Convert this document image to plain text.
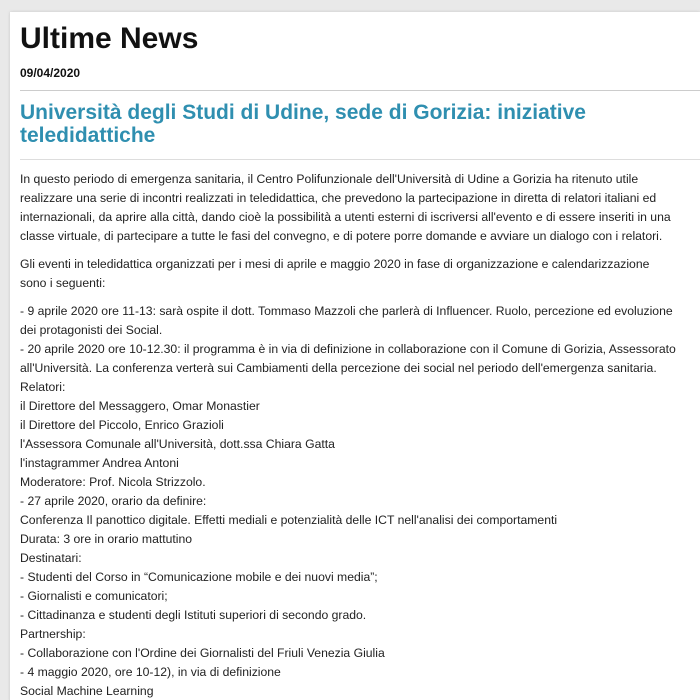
Ultime News
09/04/2020
Università degli Studi di Udine, sede di Gorizia: iniziative
teledidattiche

In questo periodo di emergenza sanitaria, il Centro Polifunzionale dell'Università di Udine a Gorizia ha ritenuto utile
realizzare una serie di incontri realizzati in teledidattica, che prevedono la partecipazione in diretta di relatori italiani ed
internazionali, da aprire alla città, dando cioè la possibilità a utenti esterni di iscriversi all'evento e di essere inseriti in una
classe virtuale, di partecipare a tutte le fasi del convegno, e di potere porre domande e avviare un dialogo con i relatori.

Gli eventi in teledidattica organizzati per i mesi di aprile e maggio 2020 in fase di organizzazione e calendarizzazione
sono i seguenti:

- 9 aprile 2020 ore 11-13: sarà ospite il dott. Tommaso Mazzoli che parlerà di Influencer. Ruolo, percezione ed evoluzione
dei protagonisti dei Social.
- 20 aprile 2020 ore 10-12.30: il programma è in via di definizione in collaborazione con il Comune di Gorizia, Assessorato
all'Università. La conferenza verterà sui Cambiamenti della percezione dei social nel periodo dell'emergenza sanitaria.
Relatori:
il Direttore del Messaggero, Omar Monastier
il Direttore del Piccolo, Enrico Grazioli
l'Assessora Comunale all'Università, dott.ssa Chiara Gatta
l'instagrammer Andrea Antoni
Moderatore: Prof. Nicola Strizzolo.
- 27 aprile 2020, orario da definire:
Conferenza Il panottico digitale. Effetti mediali e potenzialità delle ICT nell'analisi dei comportamenti
Durata: 3 ore in orario mattutino
Destinatari:
- Studenti del Corso in “Comunicazione mobile e dei nuovi media”;
- Giornalisti e comunicatori;
- Cittadinanza e studenti degli Istituti superiori di secondo grado.
Partnership:
- Collaborazione con l'Ordine dei Giornalisti del Friuli Venezia Giulia
- 4 maggio 2020, ore 10-12), in via di definizione
Social Machine Learning
